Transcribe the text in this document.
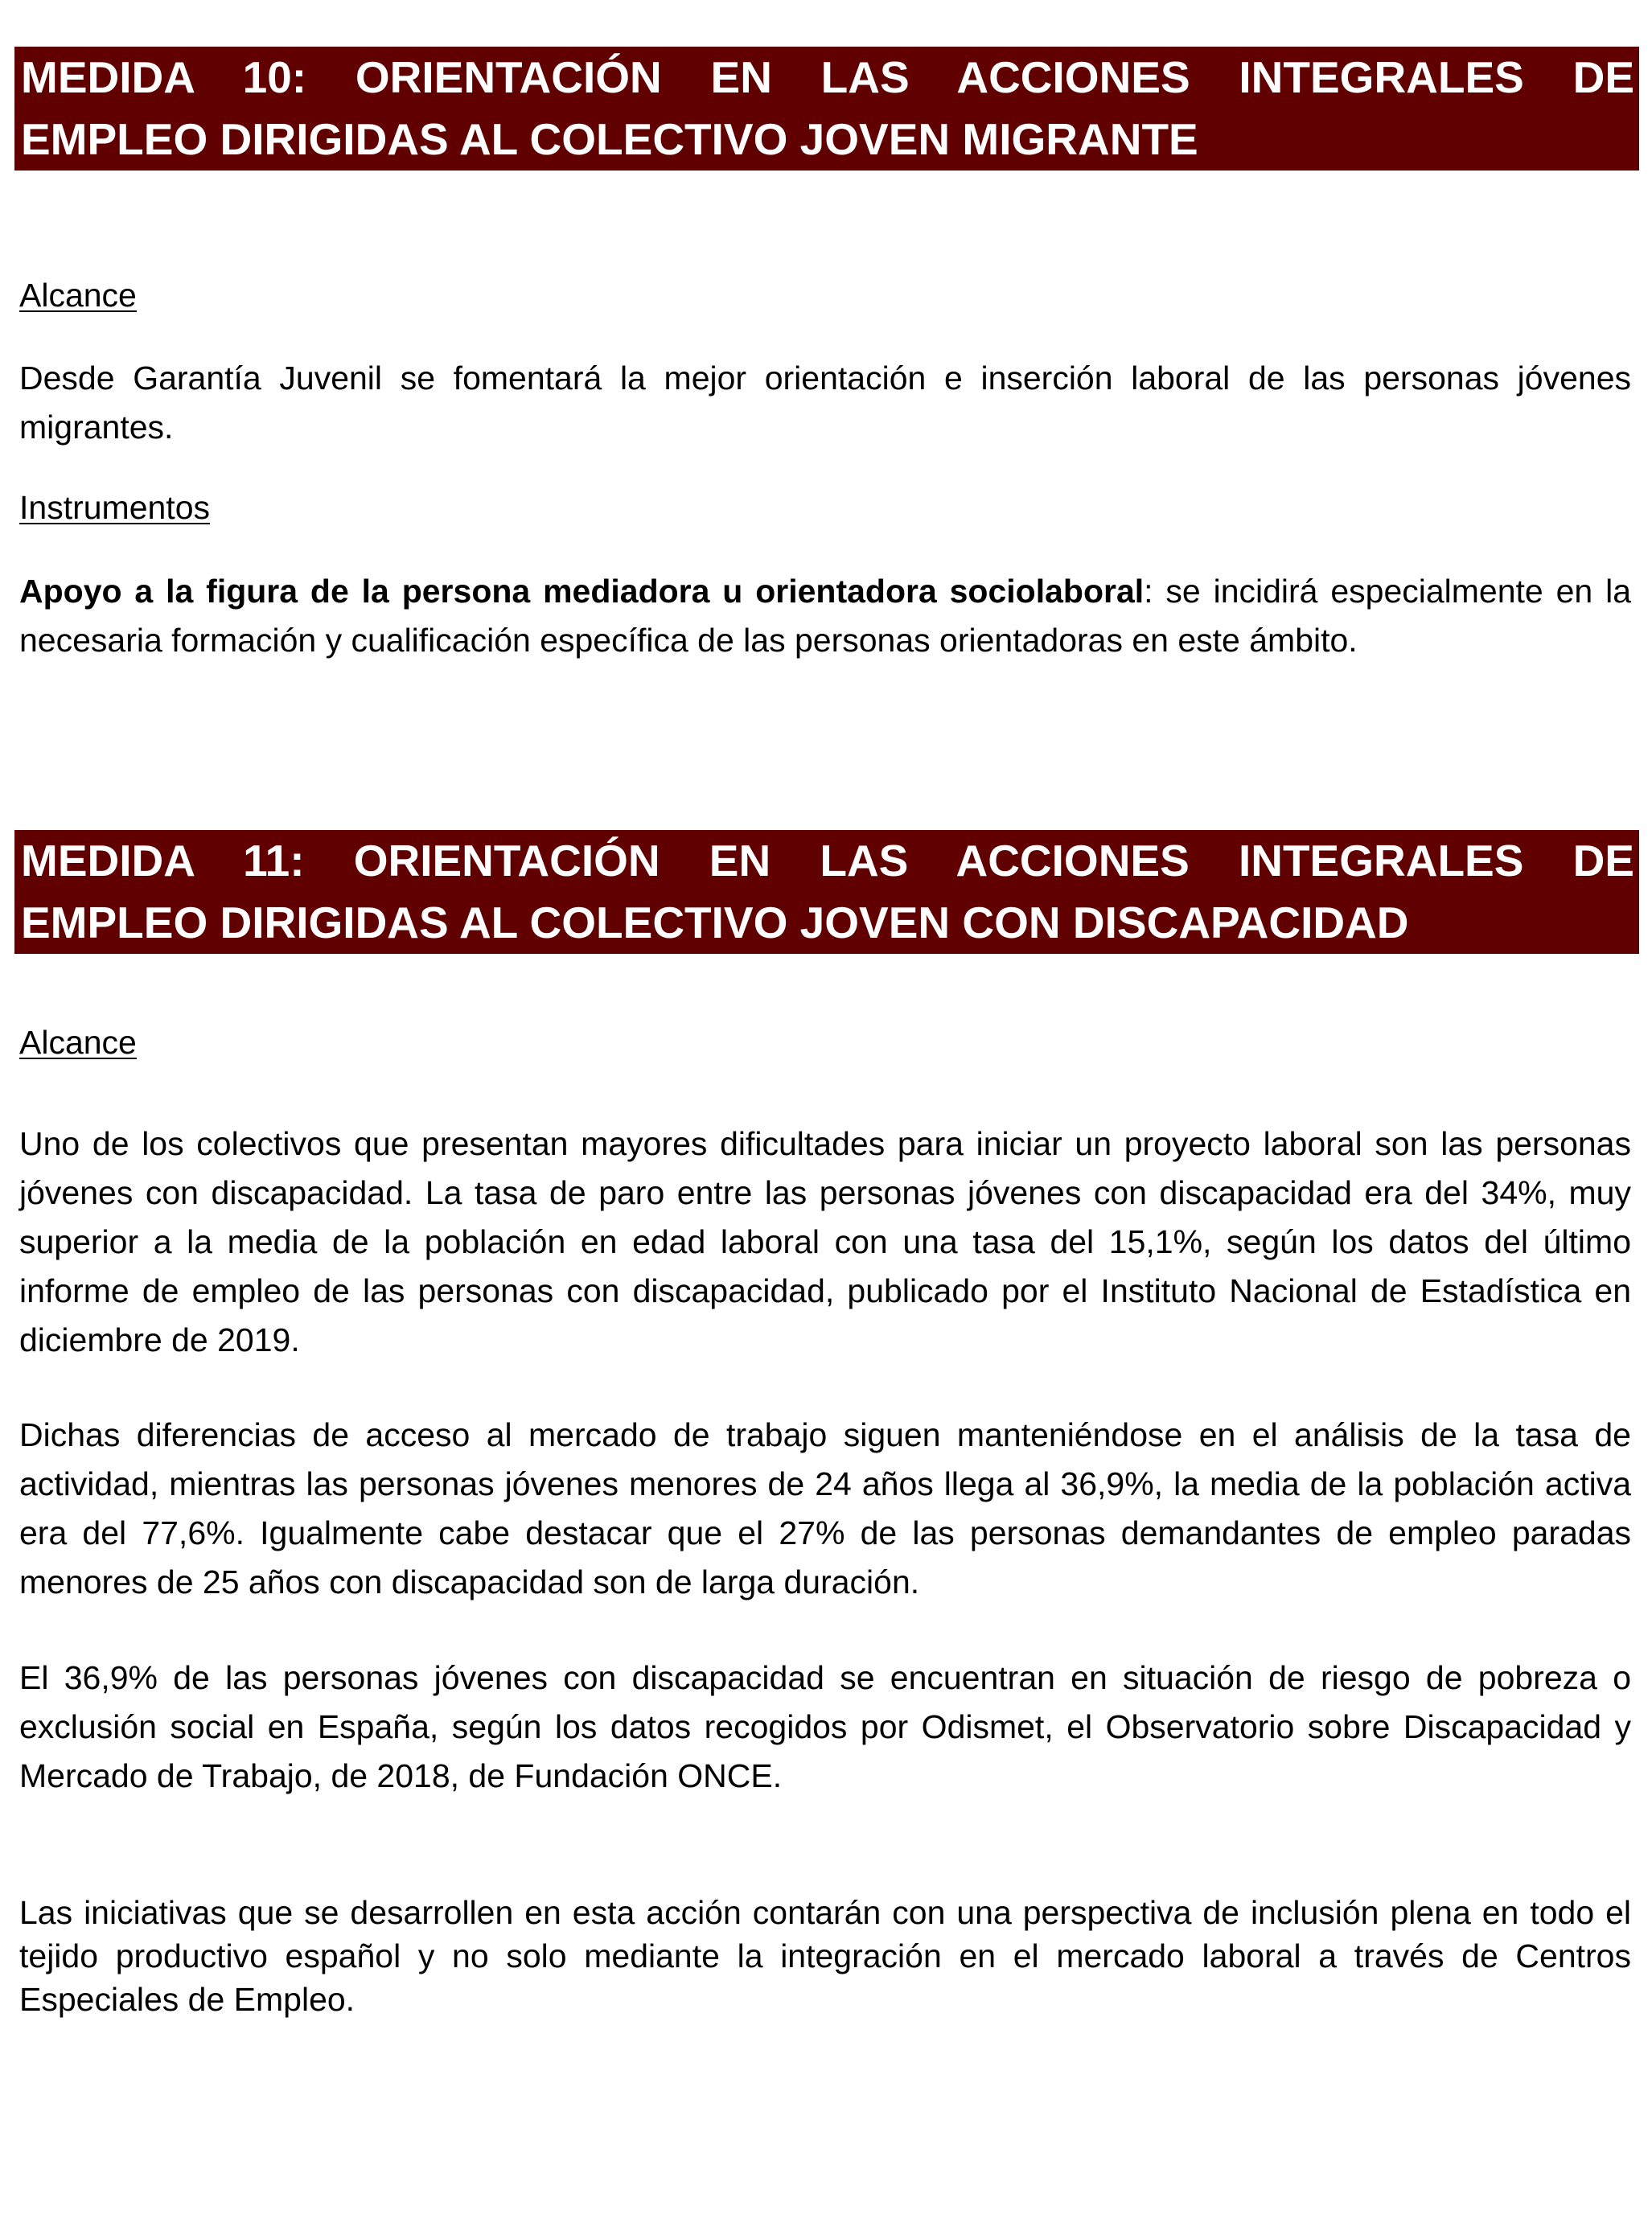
MEDIDA 10: ORIENTACIÓN EN LAS ACCIONES INTEGRALES DE
EMPLEO DIRIGIDAS AL COLECTIVO JOVEN MIGRANTE

Alcance

Desde Garantía Juvenil se fomentará la mejor orientación e inserción laboral de las personas jóvenes migrantes.

Instrumentos

Apoyo a la figura de la persona mediadora u orientadora sociolaboral: se incidirá especialmente en la necesaria formación y cualificación específica de las personas orientadoras en este ámbito.

MEDIDA 11: ORIENTACIÓN EN LAS ACCIONES INTEGRALES DE
EMPLEO DIRIGIDAS AL COLECTIVO JOVEN CON DISCAPACIDAD

Alcance

Uno de los colectivos que presentan mayores dificultades para iniciar un proyecto laboral son las personas jóvenes con discapacidad. La tasa de paro entre las personas jóvenes con discapacidad era del 34%, muy superior a la media de la población en edad laboral con una tasa del 15,1%, según los datos del último informe de empleo de las personas con discapacidad, publicado por el Instituto Nacional de Estadística en diciembre de 2019.

Dichas diferencias de acceso al mercado de trabajo siguen manteniéndose en el análisis de la tasa de actividad, mientras las personas jóvenes menores de 24 años llega al 36,9%, la media de la población activa era del 77,6%. Igualmente cabe destacar que el 27% de las personas demandantes de empleo paradas menores de 25 años con discapacidad son de larga duración.

El 36,9% de las personas jóvenes con discapacidad se encuentran en situación de riesgo de pobreza o exclusión social en España, según los datos recogidos por Odismet, el Observatorio sobre Discapacidad y Mercado de Trabajo, de 2018, de Fundación ONCE.

Las iniciativas que se desarrollen en esta acción contarán con una perspectiva de inclusión plena en todo el tejido productivo español y no solo mediante la integración en el mercado laboral a través de Centros Especiales de Empleo.
